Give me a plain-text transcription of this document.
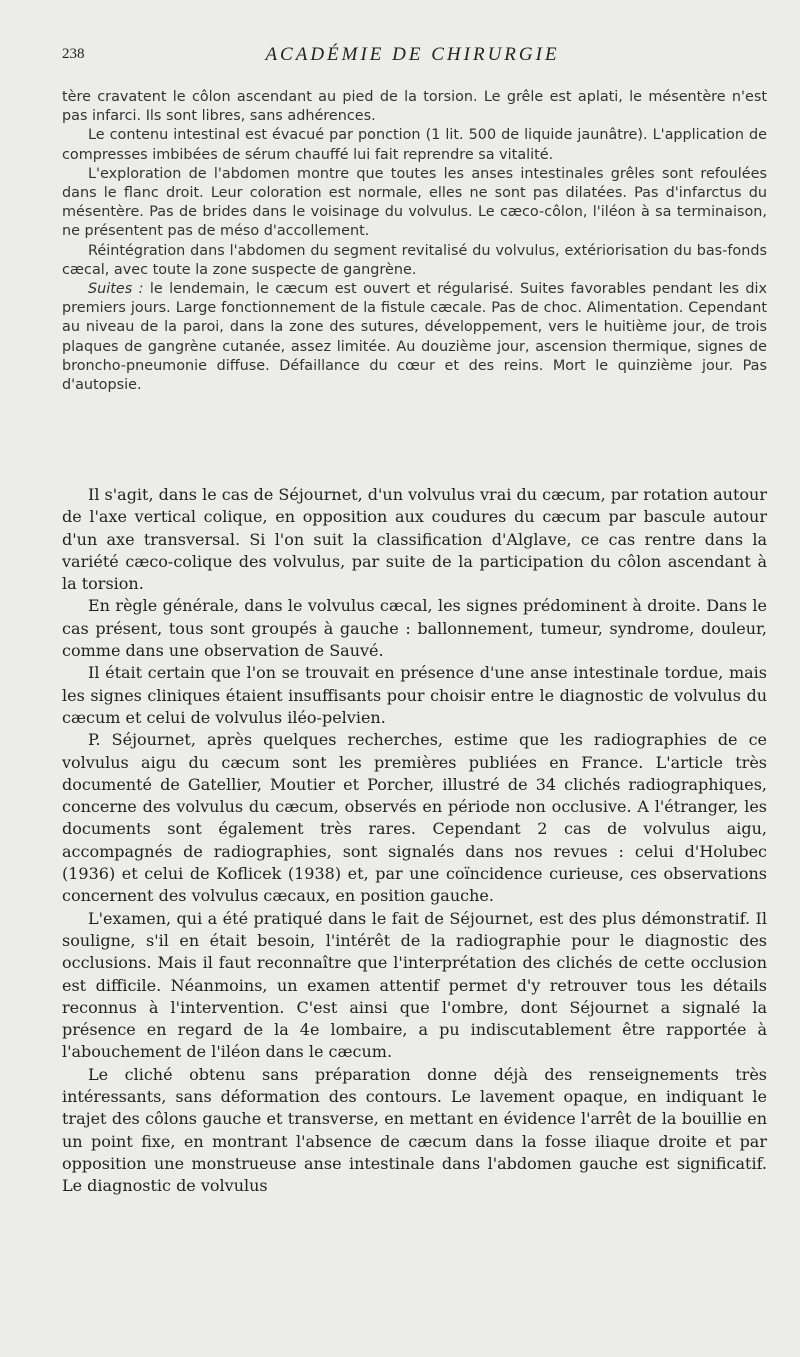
238	ACADÉMIE DE CHIRURGIE

tère cravatent le côlon ascendant au pied de la torsion. Le grêle est aplati, le mésentère n'est pas infarci. Ils sont libres, sans adhérences.

Le contenu intestinal est évacué par ponction (1 lit. 500 de liquide jaunâtre). L'application de compresses imbibées de sérum chauffé lui fait reprendre sa vitalité.

L'exploration de l'abdomen montre que toutes les anses intestinales grêles sont refoulées dans le flanc droit. Leur coloration est normale, elles ne sont pas dilatées. Pas d'infarctus du mésentère. Pas de brides dans le voisinage du volvulus. Le cæco-côlon, l'iléon à sa terminaison, ne présentent pas de méso d'accollement.

Réintégration dans l'abdomen du segment revitalisé du volvulus, extériorisation du bas-fonds cæcal, avec toute la zone suspecte de gangrène.

Suites : le lendemain, le cæcum est ouvert et régularisé. Suites favorables pendant les dix premiers jours. Large fonctionnement de la fistule cæcale. Pas de choc. Alimentation. Cependant au niveau de la paroi, dans la zone des sutures, développement, vers le huitième jour, de trois plaques de gangrène cutanée, assez limitée. Au douzième jour, ascension thermique, signes de broncho-pneumonie diffuse. Défaillance du cœur et des reins. Mort le quinzième jour. Pas d'autopsie.

Il s'agit, dans le cas de Séjournet, d'un volvulus vrai du cæcum, par rotation autour de l'axe vertical colique, en opposition aux coudures du cæcum par bascule autour d'un axe transversal. Si l'on suit la classification d'Alglave, ce cas rentre dans la variété cæco-colique des volvulus, par suite de la participation du côlon ascendant à la torsion.

En règle générale, dans le volvulus cæcal, les signes prédominent à droite. Dans le cas présent, tous sont groupés à gauche : ballonnement, tumeur, syndrome, douleur, comme dans une observation de Sauvé.

Il était certain que l'on se trouvait en présence d'une anse intestinale tordue, mais les signes cliniques étaient insuffisants pour choisir entre le diagnostic de volvulus du cæcum et celui de volvulus iléo-pelvien.

P. Séjournet, après quelques recherches, estime que les radiographies de ce volvulus aigu du cæcum sont les premières publiées en France. L'article très documenté de Gatellier, Moutier et Porcher, illustré de 34 clichés radiographiques, concerne des volvulus du cæcum, observés en période non occlusive. A l'étranger, les documents sont également très rares. Cependant 2 cas de volvulus aigu, accompagnés de radiographies, sont signalés dans nos revues : celui d'Holubec (1936) et celui de Koflicek (1938) et, par une coïncidence curieuse, ces observations concernent des volvulus cæcaux, en position gauche.

L'examen, qui a été pratiqué dans le fait de Séjournet, est des plus démonstratif. Il souligne, s'il en était besoin, l'intérêt de la radiographie pour le diagnostic des occlusions. Mais il faut reconnaître que l'interprétation des clichés de cette occlusion est difficile. Néanmoins, un examen attentif permet d'y retrouver tous les détails reconnus à l'intervention. C'est ainsi que l'ombre, dont Séjournet a signalé la présence en regard de la 4e lombaire, a pu indiscutablement être rapportée à l'abouchement de l'iléon dans le cæcum.

Le cliché obtenu sans préparation donne déjà des renseignements très intéressants, sans déformation des contours. Le lavement opaque, en indiquant le trajet des côlons gauche et transverse, en mettant en évidence l'arrêt de la bouillie en un point fixe, en montrant l'absence de cæcum dans la fosse iliaque droite et par opposition une monstrueuse anse intestinale dans l'abdomen gauche est significatif. Le diagnostic de volvulus
